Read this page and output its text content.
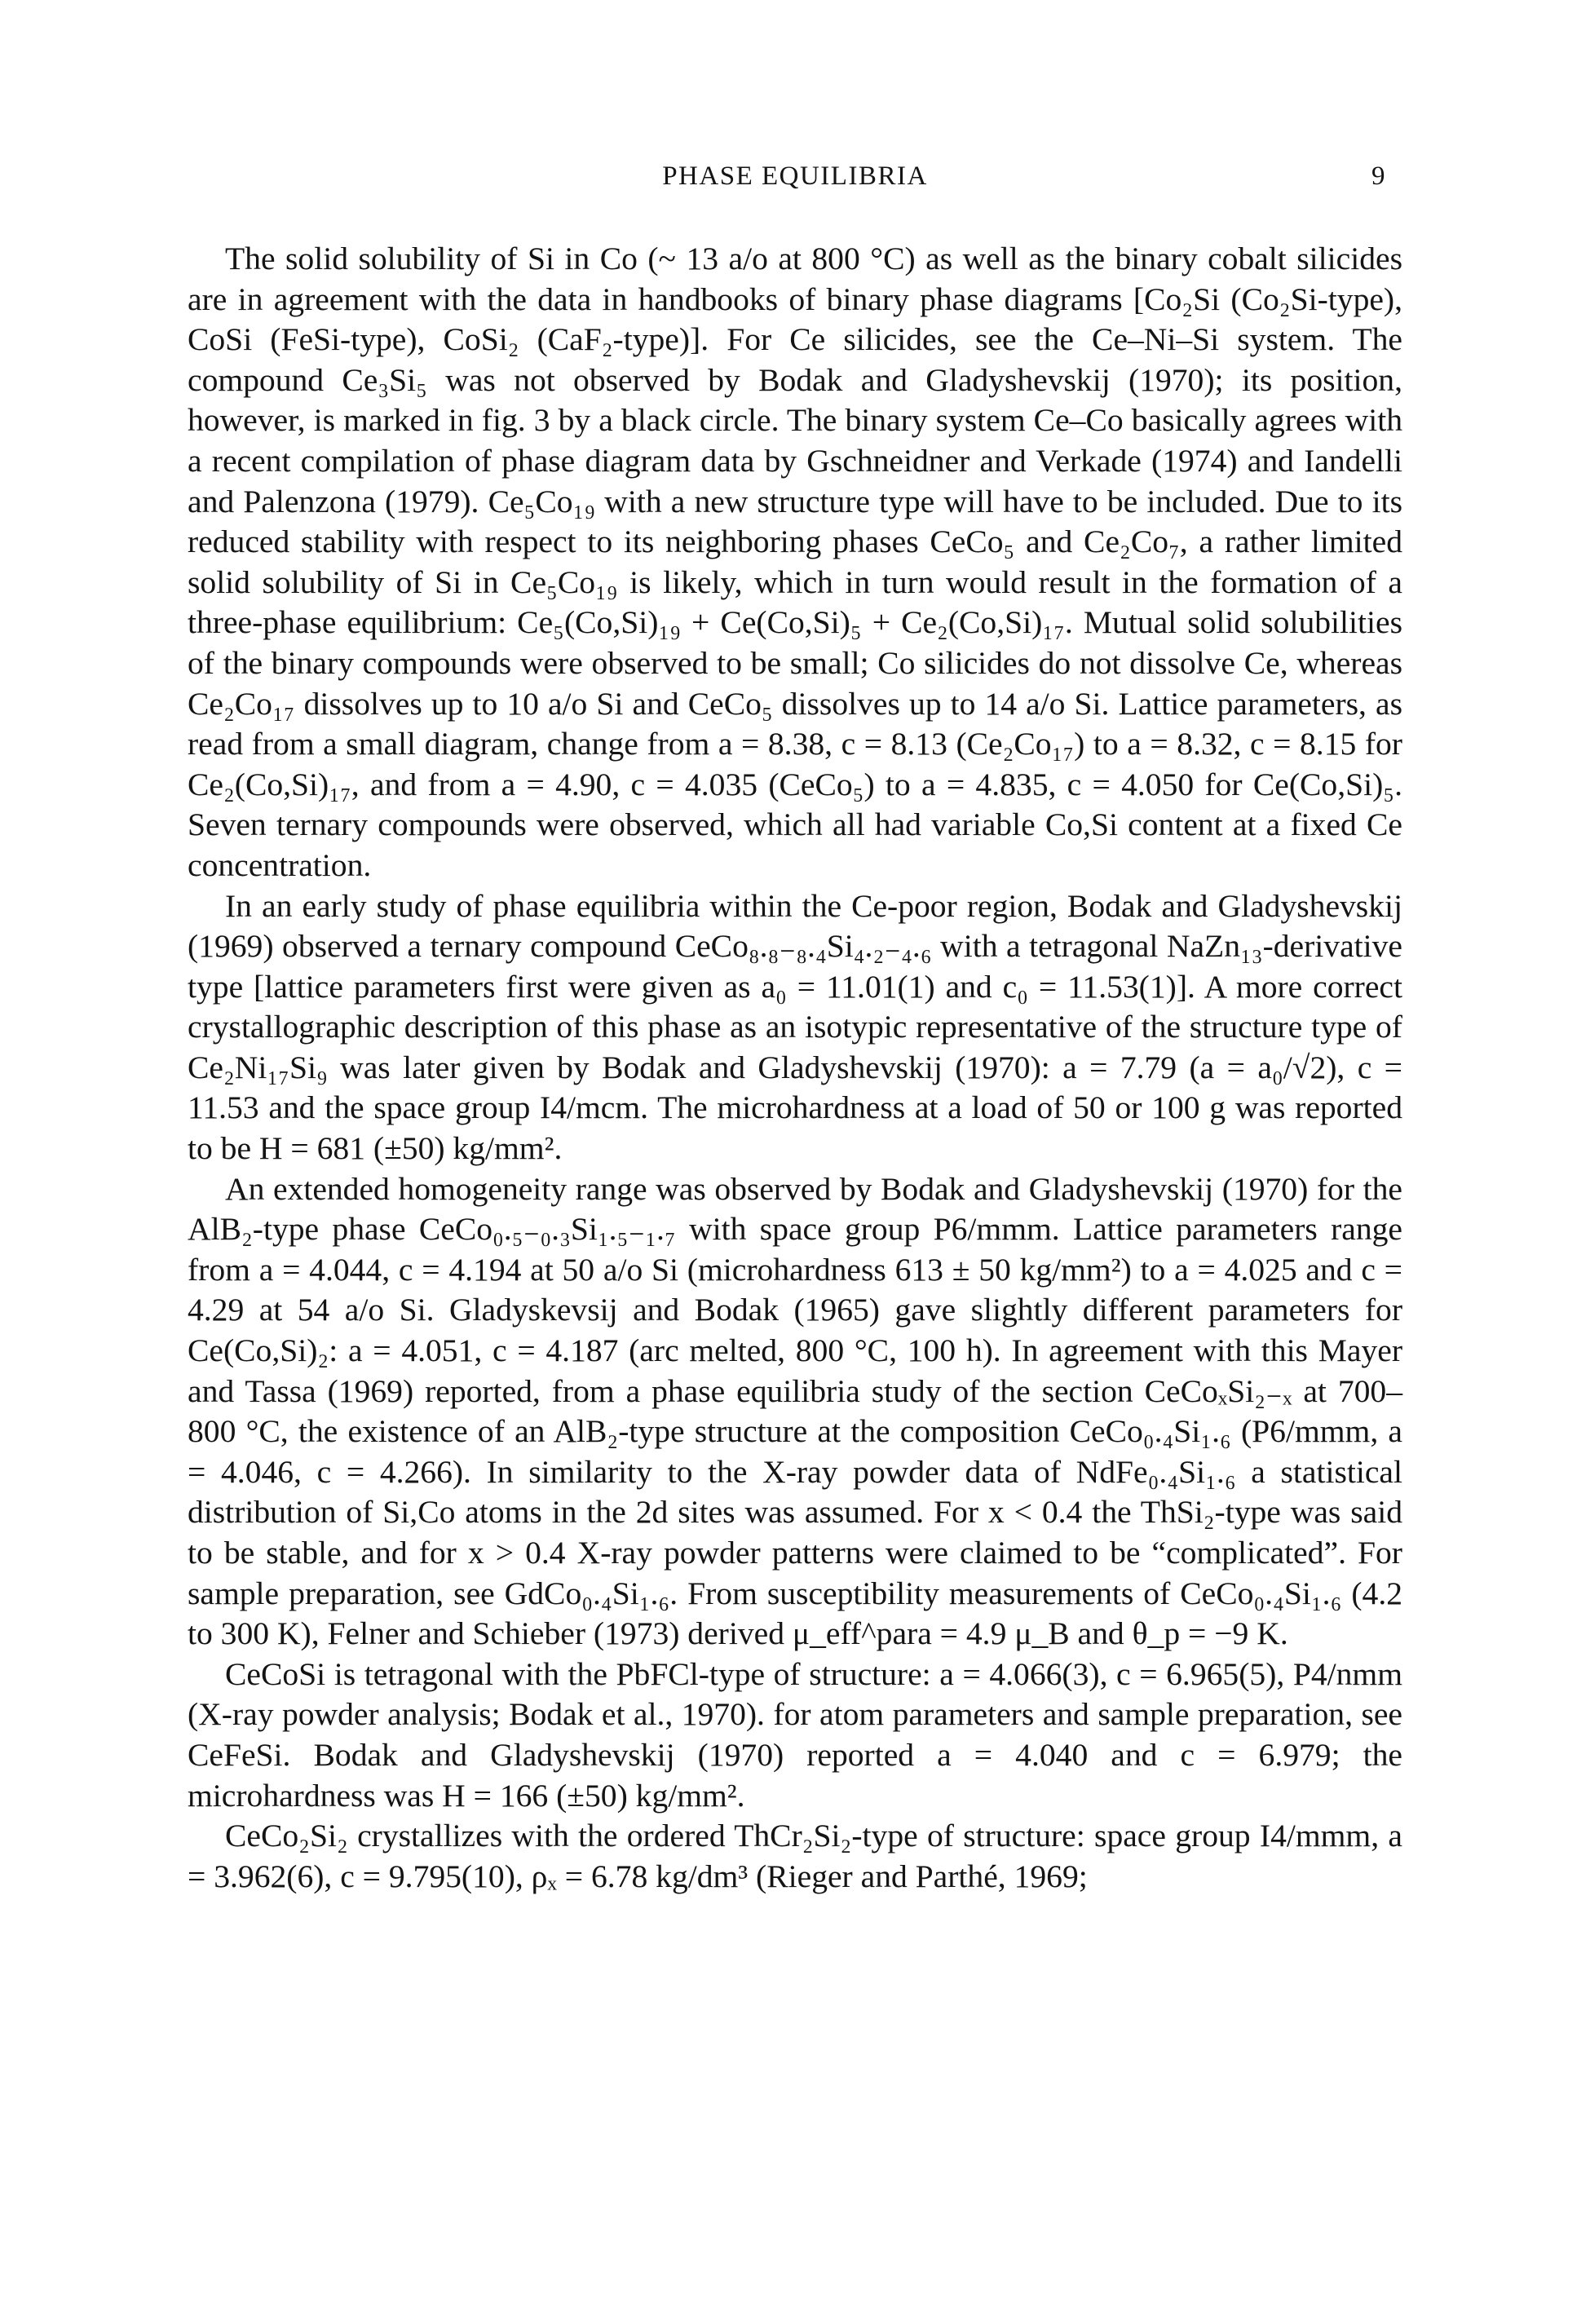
PHASE EQUILIBRIA	9

The solid solubility of Si in Co (~ 13 a/o at 800 °C) as well as the binary cobalt silicides are in agreement with the data in handbooks of binary phase diagrams [Co₂Si (Co₂Si-type), CoSi (FeSi-type), CoSi₂ (CaF₂-type)]. For Ce silicides, see the Ce–Ni–Si system. The compound Ce₃Si₅ was not observed by Bodak and Gladyshevskij (1970); its position, however, is marked in fig. 3 by a black circle. The binary system Ce–Co basically agrees with a recent compilation of phase diagram data by Gschneidner and Verkade (1974) and Iandelli and Palenzona (1979). Ce₅Co₁₉ with a new structure type will have to be included. Due to its reduced stability with respect to its neighboring phases CeCo₅ and Ce₂Co₇, a rather limited solid solubility of Si in Ce₅Co₁₉ is likely, which in turn would result in the formation of a three-phase equilibrium: Ce₅(Co,Si)₁₉ + Ce(Co,Si)₅ + Ce₂(Co,Si)₁₇. Mutual solid solubilities of the binary compounds were observed to be small; Co silicides do not dissolve Ce, whereas Ce₂Co₁₇ dissolves up to 10 a/o Si and CeCo₅ dissolves up to 14 a/o Si. Lattice parameters, as read from a small diagram, change from a = 8.38, c = 8.13 (Ce₂Co₁₇) to a = 8.32, c = 8.15 for Ce₂(Co,Si)₁₇, and from a = 4.90, c = 4.035 (CeCo₅) to a = 4.835, c = 4.050 for Ce(Co,Si)₅. Seven ternary compounds were observed, which all had variable Co,Si content at a fixed Ce concentration.

In an early study of phase equilibria within the Ce-poor region, Bodak and Gladyshevskij (1969) observed a ternary compound CeCo₈.₈₋₈.₄Si₄.₂₋₄.₆ with a tetragonal NaZn₁₃-derivative type [lattice parameters first were given as a₀ = 11.01(1) and c₀ = 11.53(1)]. A more correct crystallographic description of this phase as an isotypic representative of the structure type of Ce₂Ni₁₇Si₉ was later given by Bodak and Gladyshevskij (1970): a = 7.79 (a = a₀/√2), c = 11.53 and the space group I4/mcm. The microhardness at a load of 50 or 100 g was reported to be H = 681 (±50) kg/mm².

An extended homogeneity range was observed by Bodak and Gladyshevskij (1970) for the AlB₂-type phase CeCo₀.₅₋₀.₃Si₁.₅₋₁.₇ with space group P6/mmm. Lattice parameters range from a = 4.044, c = 4.194 at 50 a/o Si (microhardness 613 ± 50 kg/mm²) to a = 4.025 and c = 4.29 at 54 a/o Si. Gladyskevsij and Bodak (1965) gave slightly different parameters for Ce(Co,Si)₂: a = 4.051, c = 4.187 (arc melted, 800 °C, 100 h). In agreement with this Mayer and Tassa (1969) reported, from a phase equilibria study of the section CeCoₓSi₂₋ₓ at 700–800 °C, the existence of an AlB₂-type structure at the composition CeCo₀.₄Si₁.₆ (P6/mmm, a = 4.046, c = 4.266). In similarity to the X-ray powder data of NdFe₀.₄Si₁.₆ a statistical distribution of Si,Co atoms in the 2d sites was assumed. For x < 0.4 the ThSi₂-type was said to be stable, and for x > 0.4 X-ray powder patterns were claimed to be “complicated”. For sample preparation, see GdCo₀.₄Si₁.₆. From susceptibility measurements of CeCo₀.₄Si₁.₆ (4.2 to 300 K), Felner and Schieber (1973) derived μ_eff^para = 4.9 μ_B and θ_p = −9 K.

CeCoSi is tetragonal with the PbFCl-type of structure: a = 4.066(3), c = 6.965(5), P4/nmm (X-ray powder analysis; Bodak et al., 1970). for atom parameters and sample preparation, see CeFeSi. Bodak and Gladyshevskij (1970) reported a = 4.040 and c = 6.979; the microhardness was H = 166 (±50) kg/mm².

CeCo₂Si₂ crystallizes with the ordered ThCr₂Si₂-type of structure: space group I4/mmm, a = 3.962(6), c = 9.795(10), ρₓ = 6.78 kg/dm³ (Rieger and Parthé, 1969;
